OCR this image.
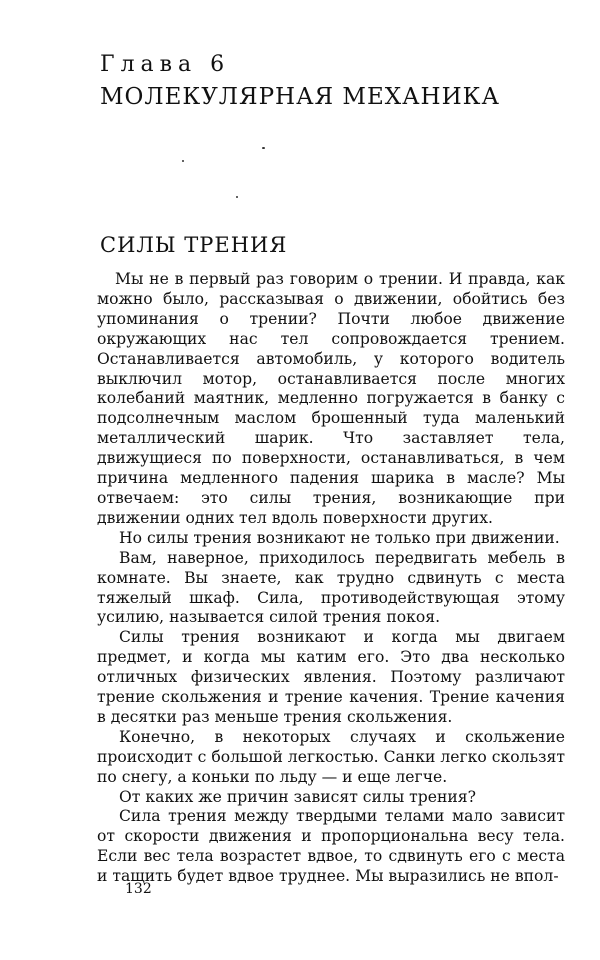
Глава 6
МОЛЕКУЛЯРНАЯ МЕХАНИКА
СИЛЫ ТРЕНИЯ

Мы не в первый раз говорим о трении. И правда, как можно было, рассказывая о движении, обойтись без упоминания о трении? Почти любое движение окружающих нас тел сопровождается трением. Останавливается автомобиль, у которого водитель выключил мотор, останавливается после многих колебаний маятник, медленно погружается в банку с подсолнечным маслом брошенный туда маленький металлический шарик. Что заставляет тела, движущиеся по поверхности, останавливаться, в чем причина медленного падения шарика в масле? Мы отвечаем: это силы трения, возникающие при движении одних тел вдоль поверхности других.

Но силы трения возникают не только при движении.

Вам, наверное, приходилось передвигать мебель в комнате. Вы знаете, как трудно сдвинуть с места тяжелый шкаф. Сила, противодействующая этому усилию, называется силой трения покоя.

Силы трения возникают и когда мы двигаем предмет, и когда мы катим его. Это два несколько отличных физических явления. Поэтому различают трение скольжения и трение качения. Трение качения в десятки раз меньше трения скольжения.

Конечно, в некоторых случаях и скольжение происходит с большой легкостью. Санки легко скользят по снегу, а коньки по льду — и еще легче.

От каких же причин зависят силы трения?

Сила трения между твердыми телами мало зависит от скорости движения и пропорциональна весу тела. Если вес тела возрастет вдвое, то сдвинуть его с места и тащить будет вдвое труднее. Мы выразились не впол-

132
